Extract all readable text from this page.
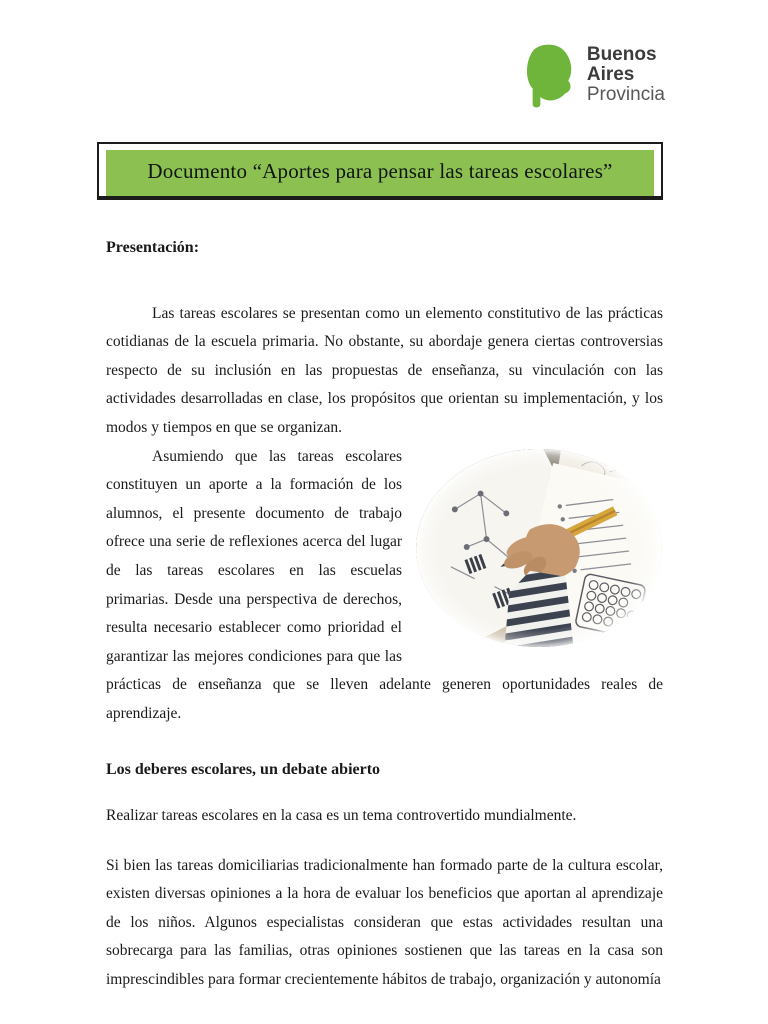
Buenos
Aires
Provincia
Documento “Aportes para pensar las tareas escolares”

Presentación:

Las tareas escolares se presentan como un elemento constitutivo de las prácticas cotidianas de la escuela primaria. No obstante, su abordaje genera ciertas controversias respecto de su inclusión en las propuestas de enseñanza, su vinculación con las actividades desarrolladas en clase, los propósitos que orientan su implementación, y los modos y tiempos en que se organizan.

Asumiendo que las tareas escolares constituyen un aporte a la formación de los alumnos, el presente documento de trabajo ofrece una serie de reflexiones acerca del lugar de las tareas escolares en las escuelas primarias. Desde una perspectiva de derechos, resulta necesario establecer como prioridad el garantizar las mejores condiciones para que las prácticas de enseñanza que se lleven adelante generen oportunidades reales de aprendizaje.

Los deberes escolares, un debate abierto

Realizar tareas escolares en la casa es un tema controvertido mundialmente.

Si bien las tareas domiciliarias tradicionalmente han formado parte de la cultura escolar, existen diversas opiniones a la hora de evaluar los beneficios que aportan al aprendizaje de los niños. Algunos especialistas consideran que estas actividades resultan una sobrecarga para las familias, otras opiniones sostienen que las tareas en la casa son imprescindibles para formar crecientemente hábitos de trabajo, organización y autonomía
